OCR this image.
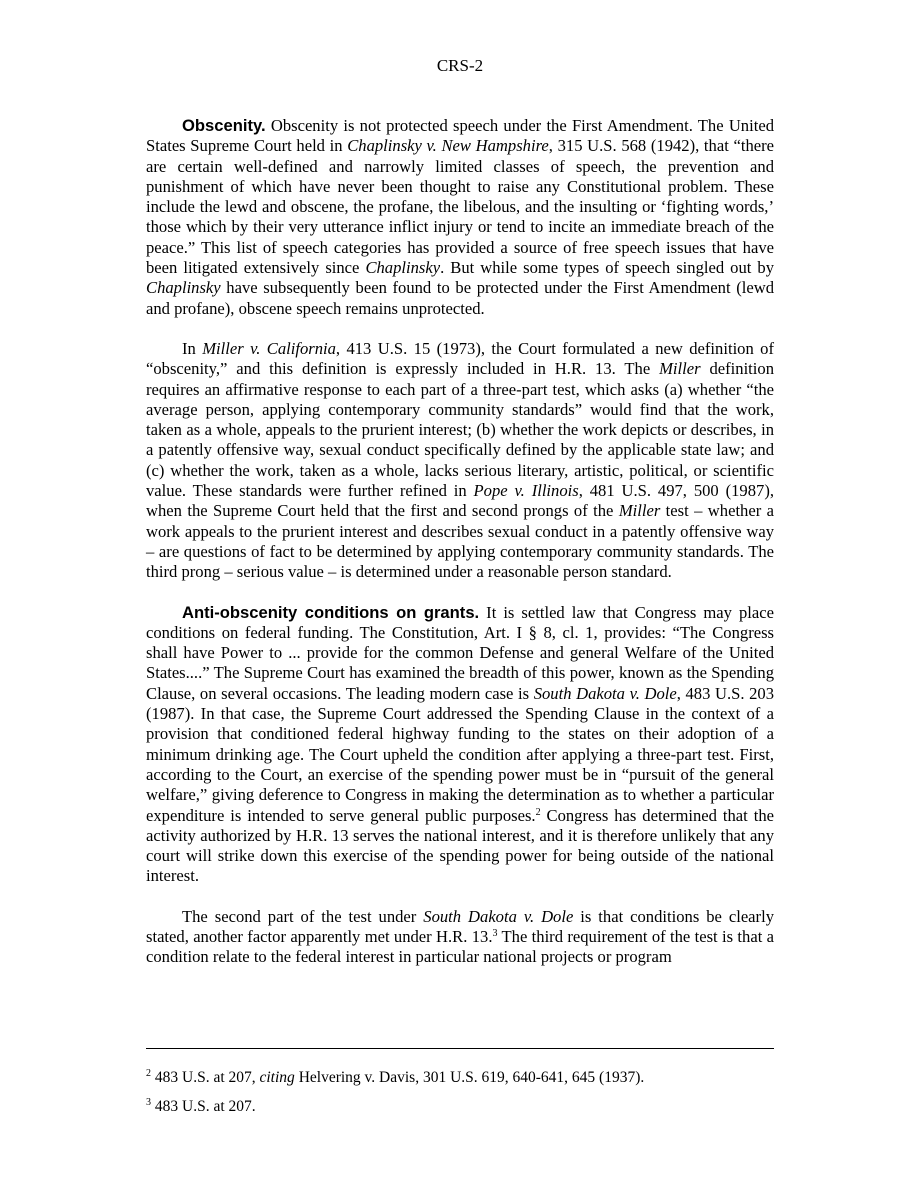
CRS-2

Obscenity. Obscenity is not protected speech under the First Amendment. The United States Supreme Court held in Chaplinsky v. New Hampshire, 315 U.S. 568 (1942), that “there are certain well-defined and narrowly limited classes of speech, the prevention and punishment of which have never been thought to raise any Constitutional problem. These include the lewd and obscene, the profane, the libelous, and the insulting or ‘fighting words,’ those which by their very utterance inflict injury or tend to incite an immediate breach of the peace.” This list of speech categories has provided a source of free speech issues that have been litigated extensively since Chaplinsky. But while some types of speech singled out by Chaplinsky have subsequently been found to be protected under the First Amendment (lewd and profane), obscene speech remains unprotected.

In Miller v. California, 413 U.S. 15 (1973), the Court formulated a new definition of “obscenity,” and this definition is expressly included in H.R. 13. The Miller definition requires an affirmative response to each part of a three-part test, which asks (a) whether “the average person, applying contemporary community standards” would find that the work, taken as a whole, appeals to the prurient interest; (b) whether the work depicts or describes, in a patently offensive way, sexual conduct specifically defined by the applicable state law; and (c) whether the work, taken as a whole, lacks serious literary, artistic, political, or scientific value. These standards were further refined in Pope v. Illinois, 481 U.S. 497, 500 (1987), when the Supreme Court held that the first and second prongs of the Miller test – whether a work appeals to the prurient interest and describes sexual conduct in a patently offensive way – are questions of fact to be determined by applying contemporary community standards. The third prong – serious value – is determined under a reasonable person standard.

Anti-obscenity conditions on grants. It is settled law that Congress may place conditions on federal funding. The Constitution, Art. I § 8, cl. 1, provides: “The Congress shall have Power to ... provide for the common Defense and general Welfare of the United States....” The Supreme Court has examined the breadth of this power, known as the Spending Clause, on several occasions. The leading modern case is South Dakota v. Dole, 483 U.S. 203 (1987). In that case, the Supreme Court addressed the Spending Clause in the context of a provision that conditioned federal highway funding to the states on their adoption of a minimum drinking age. The Court upheld the condition after applying a three-part test. First, according to the Court, an exercise of the spending power must be in “pursuit of the general welfare,” giving deference to Congress in making the determination as to whether a particular expenditure is intended to serve general public purposes.$^2$ Congress has determined that the activity authorized by H.R. 13 serves the national interest, and it is therefore unlikely that any court will strike down this exercise of the spending power for being outside of the national interest.

The second part of the test under South Dakota v. Dole is that conditions be clearly stated, another factor apparently met under H.R. 13.$^3$ The third requirement of the test is that a condition relate to the federal interest in particular national projects or program

$^2$ 483 U.S. at 207, citing Helvering v. Davis, 301 U.S. 619, 640-641, 645 (1937).

$^3$ 483 U.S. at 207.
